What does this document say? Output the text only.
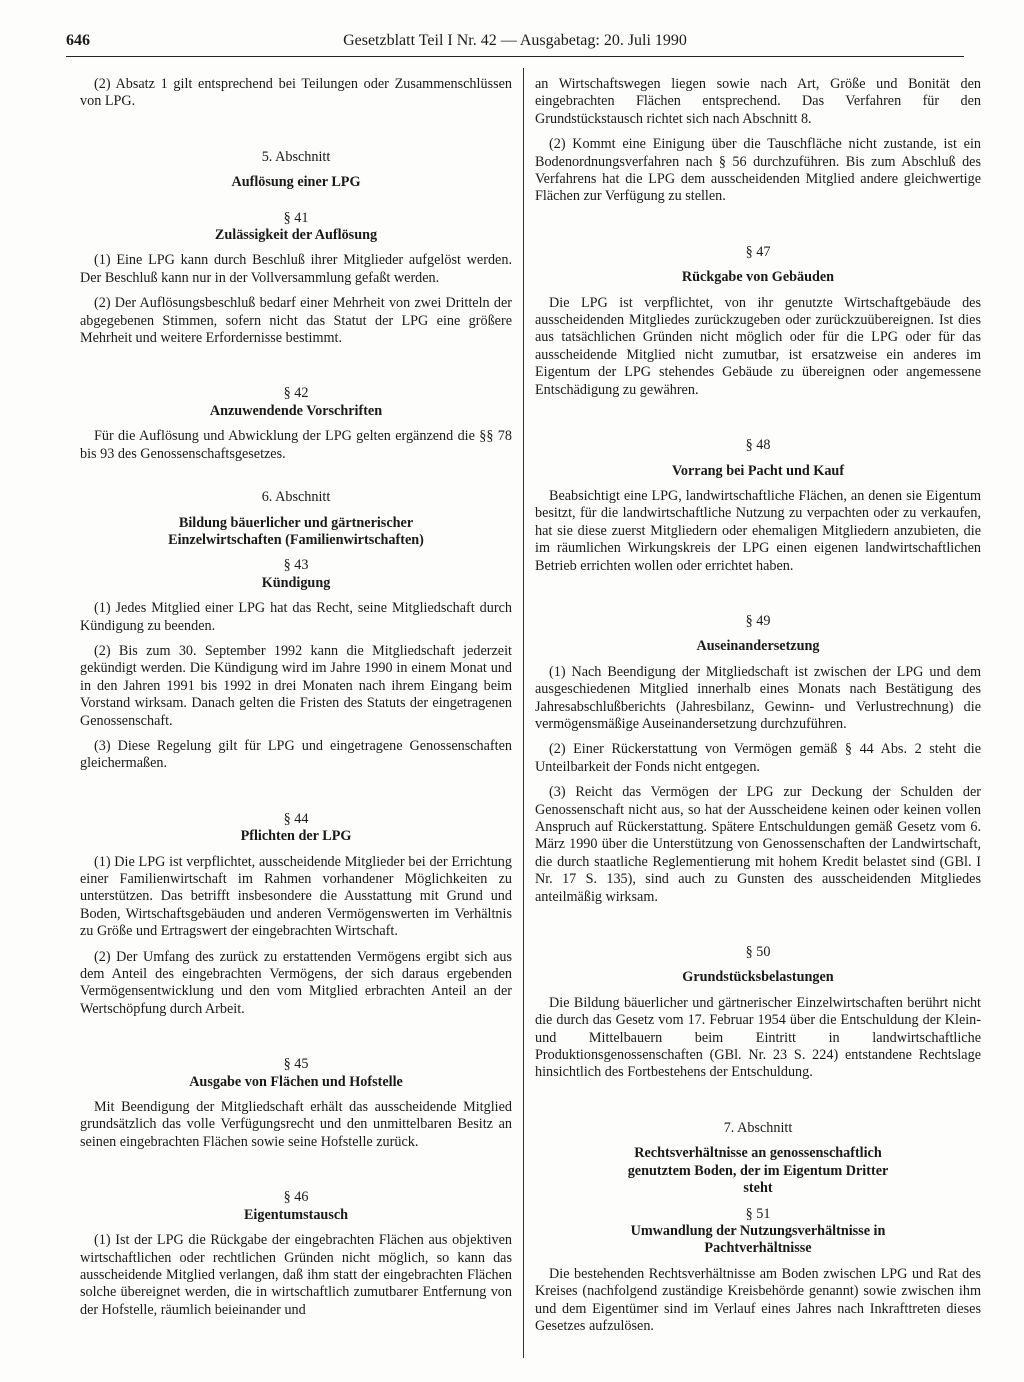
646	Gesetzblatt Teil I Nr. 42 — Ausgabetag: 20. Juli 1990

(2) Absatz 1 gilt entsprechend bei Teilungen oder Zusammenschlüssen von LPG.

5. Abschnitt
Auflösung einer LPG
§ 41
Zulässigkeit der Auflösung

(1) Eine LPG kann durch Beschluß ihrer Mitglieder aufgelöst werden. Der Beschluß kann nur in der Vollversammlung gefaßt werden.

(2) Der Auflösungsbeschluß bedarf einer Mehrheit von zwei Dritteln der abgegebenen Stimmen, sofern nicht das Statut der LPG eine größere Mehrheit und weitere Erfordernisse bestimmt.

§ 42
Anzuwendende Vorschriften

Für die Auflösung und Abwicklung der LPG gelten ergänzend die §§ 78 bis 93 des Genossenschaftsgesetzes.

6. Abschnitt
Bildung bäuerlicher und gärtnerischer
Einzelwirtschaften (Familienwirtschaften)
§ 43
Kündigung

(1) Jedes Mitglied einer LPG hat das Recht, seine Mitgliedschaft durch Kündigung zu beenden.

(2) Bis zum 30. September 1992 kann die Mitgliedschaft jederzeit gekündigt werden. Die Kündigung wird im Jahre 1990 in einem Monat und in den Jahren 1991 bis 1992 in drei Monaten nach ihrem Eingang beim Vorstand wirksam. Danach gelten die Fristen des Statuts der eingetragenen Genossenschaft.

(3) Diese Regelung gilt für LPG und eingetragene Genossenschaften gleichermaßen.

§ 44
Pflichten der LPG

(1) Die LPG ist verpflichtet, ausscheidende Mitglieder bei der Errichtung einer Familienwirtschaft im Rahmen vorhandener Möglichkeiten zu unterstützen. Das betrifft insbesondere die Ausstattung mit Grund und Boden, Wirtschaftsgebäuden und anderen Vermögenswerten im Verhältnis zu Größe und Ertragswert der eingebrachten Wirtschaft.

(2) Der Umfang des zurück zu erstattenden Vermögens ergibt sich aus dem Anteil des eingebrachten Vermögens, der sich daraus ergebenden Vermögensentwicklung und den vom Mitglied erbrachten Anteil an der Wertschöpfung durch Arbeit.

§ 45
Ausgabe von Flächen und Hofstelle

Mit Beendigung der Mitgliedschaft erhält das ausscheidende Mitglied grundsätzlich das volle Verfügungsrecht und den unmittelbaren Besitz an seinen eingebrachten Flächen sowie seine Hofstelle zurück.

§ 46
Eigentumstausch

(1) Ist der LPG die Rückgabe der eingebrachten Flächen aus objektiven wirtschaftlichen oder rechtlichen Gründen nicht möglich, so kann das ausscheidende Mitglied verlangen, daß ihm statt der eingebrachten Flächen solche übereignet werden, die in wirtschaftlich zumutbarer Entfernung von der Hofstelle, räumlich beieinander und

an Wirtschaftswegen liegen sowie nach Art, Größe und Bonität den eingebrachten Flächen entsprechend. Das Verfahren für den Grundstückstausch richtet sich nach Abschnitt 8.

(2) Kommt eine Einigung über die Tauschfläche nicht zustande, ist ein Bodenordnungsverfahren nach § 56 durchzuführen. Bis zum Abschluß des Verfahrens hat die LPG dem ausscheidenden Mitglied andere gleichwertige Flächen zur Verfügung zu stellen.

§ 47
Rückgabe von Gebäuden

Die LPG ist verpflichtet, von ihr genutzte Wirtschaftgebäude des ausscheidenden Mitgliedes zurückzugeben oder zurückzuübereignen. Ist dies aus tatsächlichen Gründen nicht möglich oder für die LPG oder für das ausscheidende Mitglied nicht zumutbar, ist ersatzweise ein anderes im Eigentum der LPG stehendes Gebäude zu übereignen oder angemessene Entschädigung zu gewähren.

§ 48
Vorrang bei Pacht und Kauf

Beabsichtigt eine LPG, landwirtschaftliche Flächen, an denen sie Eigentum besitzt, für die landwirtschaftliche Nutzung zu verpachten oder zu verkaufen, hat sie diese zuerst Mitgliedern oder ehemaligen Mitgliedern anzubieten, die im räumlichen Wirkungskreis der LPG einen eigenen landwirtschaftlichen Betrieb errichten wollen oder errichtet haben.

§ 49
Auseinandersetzung

(1) Nach Beendigung der Mitgliedschaft ist zwischen der LPG und dem ausgeschiedenen Mitglied innerhalb eines Monats nach Bestätigung des Jahresabschlußberichts (Jahresbilanz, Gewinn- und Verlustrechnung) die vermögensmäßige Auseinandersetzung durchzuführen.

(2) Einer Rückerstattung von Vermögen gemäß § 44 Abs. 2 steht die Unteilbarkeit der Fonds nicht entgegen.

(3) Reicht das Vermögen der LPG zur Deckung der Schulden der Genossenschaft nicht aus, so hat der Ausscheidene keinen oder keinen vollen Anspruch auf Rückerstattung. Spätere Entschuldungen gemäß Gesetz vom 6. März 1990 über die Unterstützung von Genossenschaften der Landwirtschaft, die durch staatliche Reglementierung mit hohem Kredit belastet sind (GBl. I Nr. 17 S. 135), sind auch zu Gunsten des ausscheidenden Mitgliedes anteilmäßig wirksam.

§ 50
Grundstücksbelastungen

Die Bildung bäuerlicher und gärtnerischer Einzelwirtschaften berührt nicht die durch das Gesetz vom 17. Februar 1954 über die Entschuldung der Klein- und Mittelbauern beim Eintritt in landwirtschaftliche Produktionsgenossenschaften (GBl. Nr. 23 S. 224) entstandene Rechtslage hinsichtlich des Fortbestehens der Entschuldung.

7. Abschnitt
Rechtsverhältnisse an genossenschaftlich
genutztem Boden, der im Eigentum Dritter
steht
§ 51
Umwandlung der Nutzungsverhältnisse in
Pachtverhältnisse

Die bestehenden Rechtsverhältnisse am Boden zwischen LPG und Rat des Kreises (nachfolgend zuständige Kreisbehörde genannt) sowie zwischen ihm und dem Eigentümer sind im Verlauf eines Jahres nach Inkrafttreten dieses Gesetzes aufzulösen.
